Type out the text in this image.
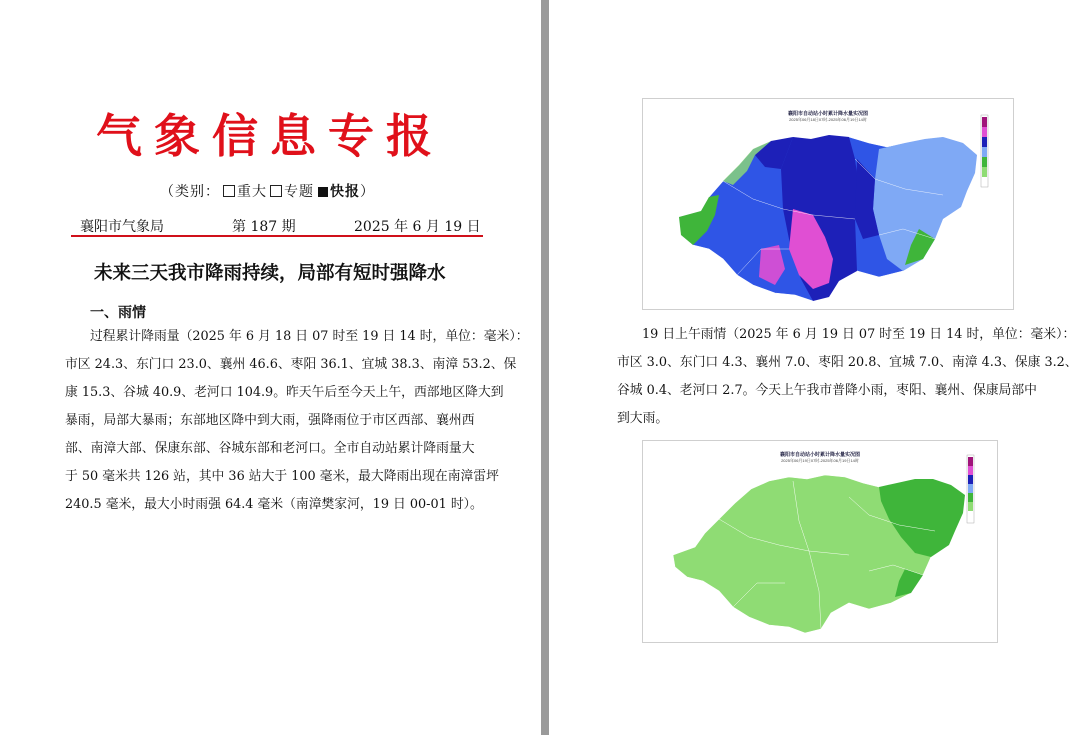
气象信息专报
（类别： 重大 专题 快报）
襄阳市气象局	第 187 期	2025 年 6 月 19 日
未来三天我市降雨持续，局部有短时强降水
一、雨情
过程累计降雨量（2025 年 6 月 18 日 07 时至 19 日 14 时，单位：毫米）：
市区 24.3、东门口 23.0、襄州 46.6、枣阳 36.1、宜城 38.3、南漳 53.2、保
康 15.3、谷城 40.9、老河口 104.9。昨天午后至今天上午，西部地区降大到
暴雨，局部大暴雨；东部地区降中到大雨，强降雨位于市区西部、襄州西
部、南漳大部、保康东部、谷城东部和老河口。全市自动站累计降雨量大
于 50 毫米共 126 站，其中 36 站大于 100 毫米，最大降雨出现在南漳雷坪
240.5 毫米，最大小时雨强 64.4 毫米（南漳樊家河，19 日 00-01 时）。
襄阳市自动站小时累计降水量实况图
2025年06月18日07时-2025年06月19日14时
19 日上午雨情（2025 年 6 月 19 日 07 时至 19 日 14 时，单位：毫米）：
市区 3.0、东门口 4.3、襄州 7.0、枣阳 20.8、宜城 7.0、南漳 4.3、保康 3.2、
谷城 0.4、老河口 2.7。今天上午我市普降小雨，枣阳、襄州、保康局部中
到大雨。
襄阳市自动站小时累计降水量实况图
2025年06月19日07时-2025年06月19日14时
